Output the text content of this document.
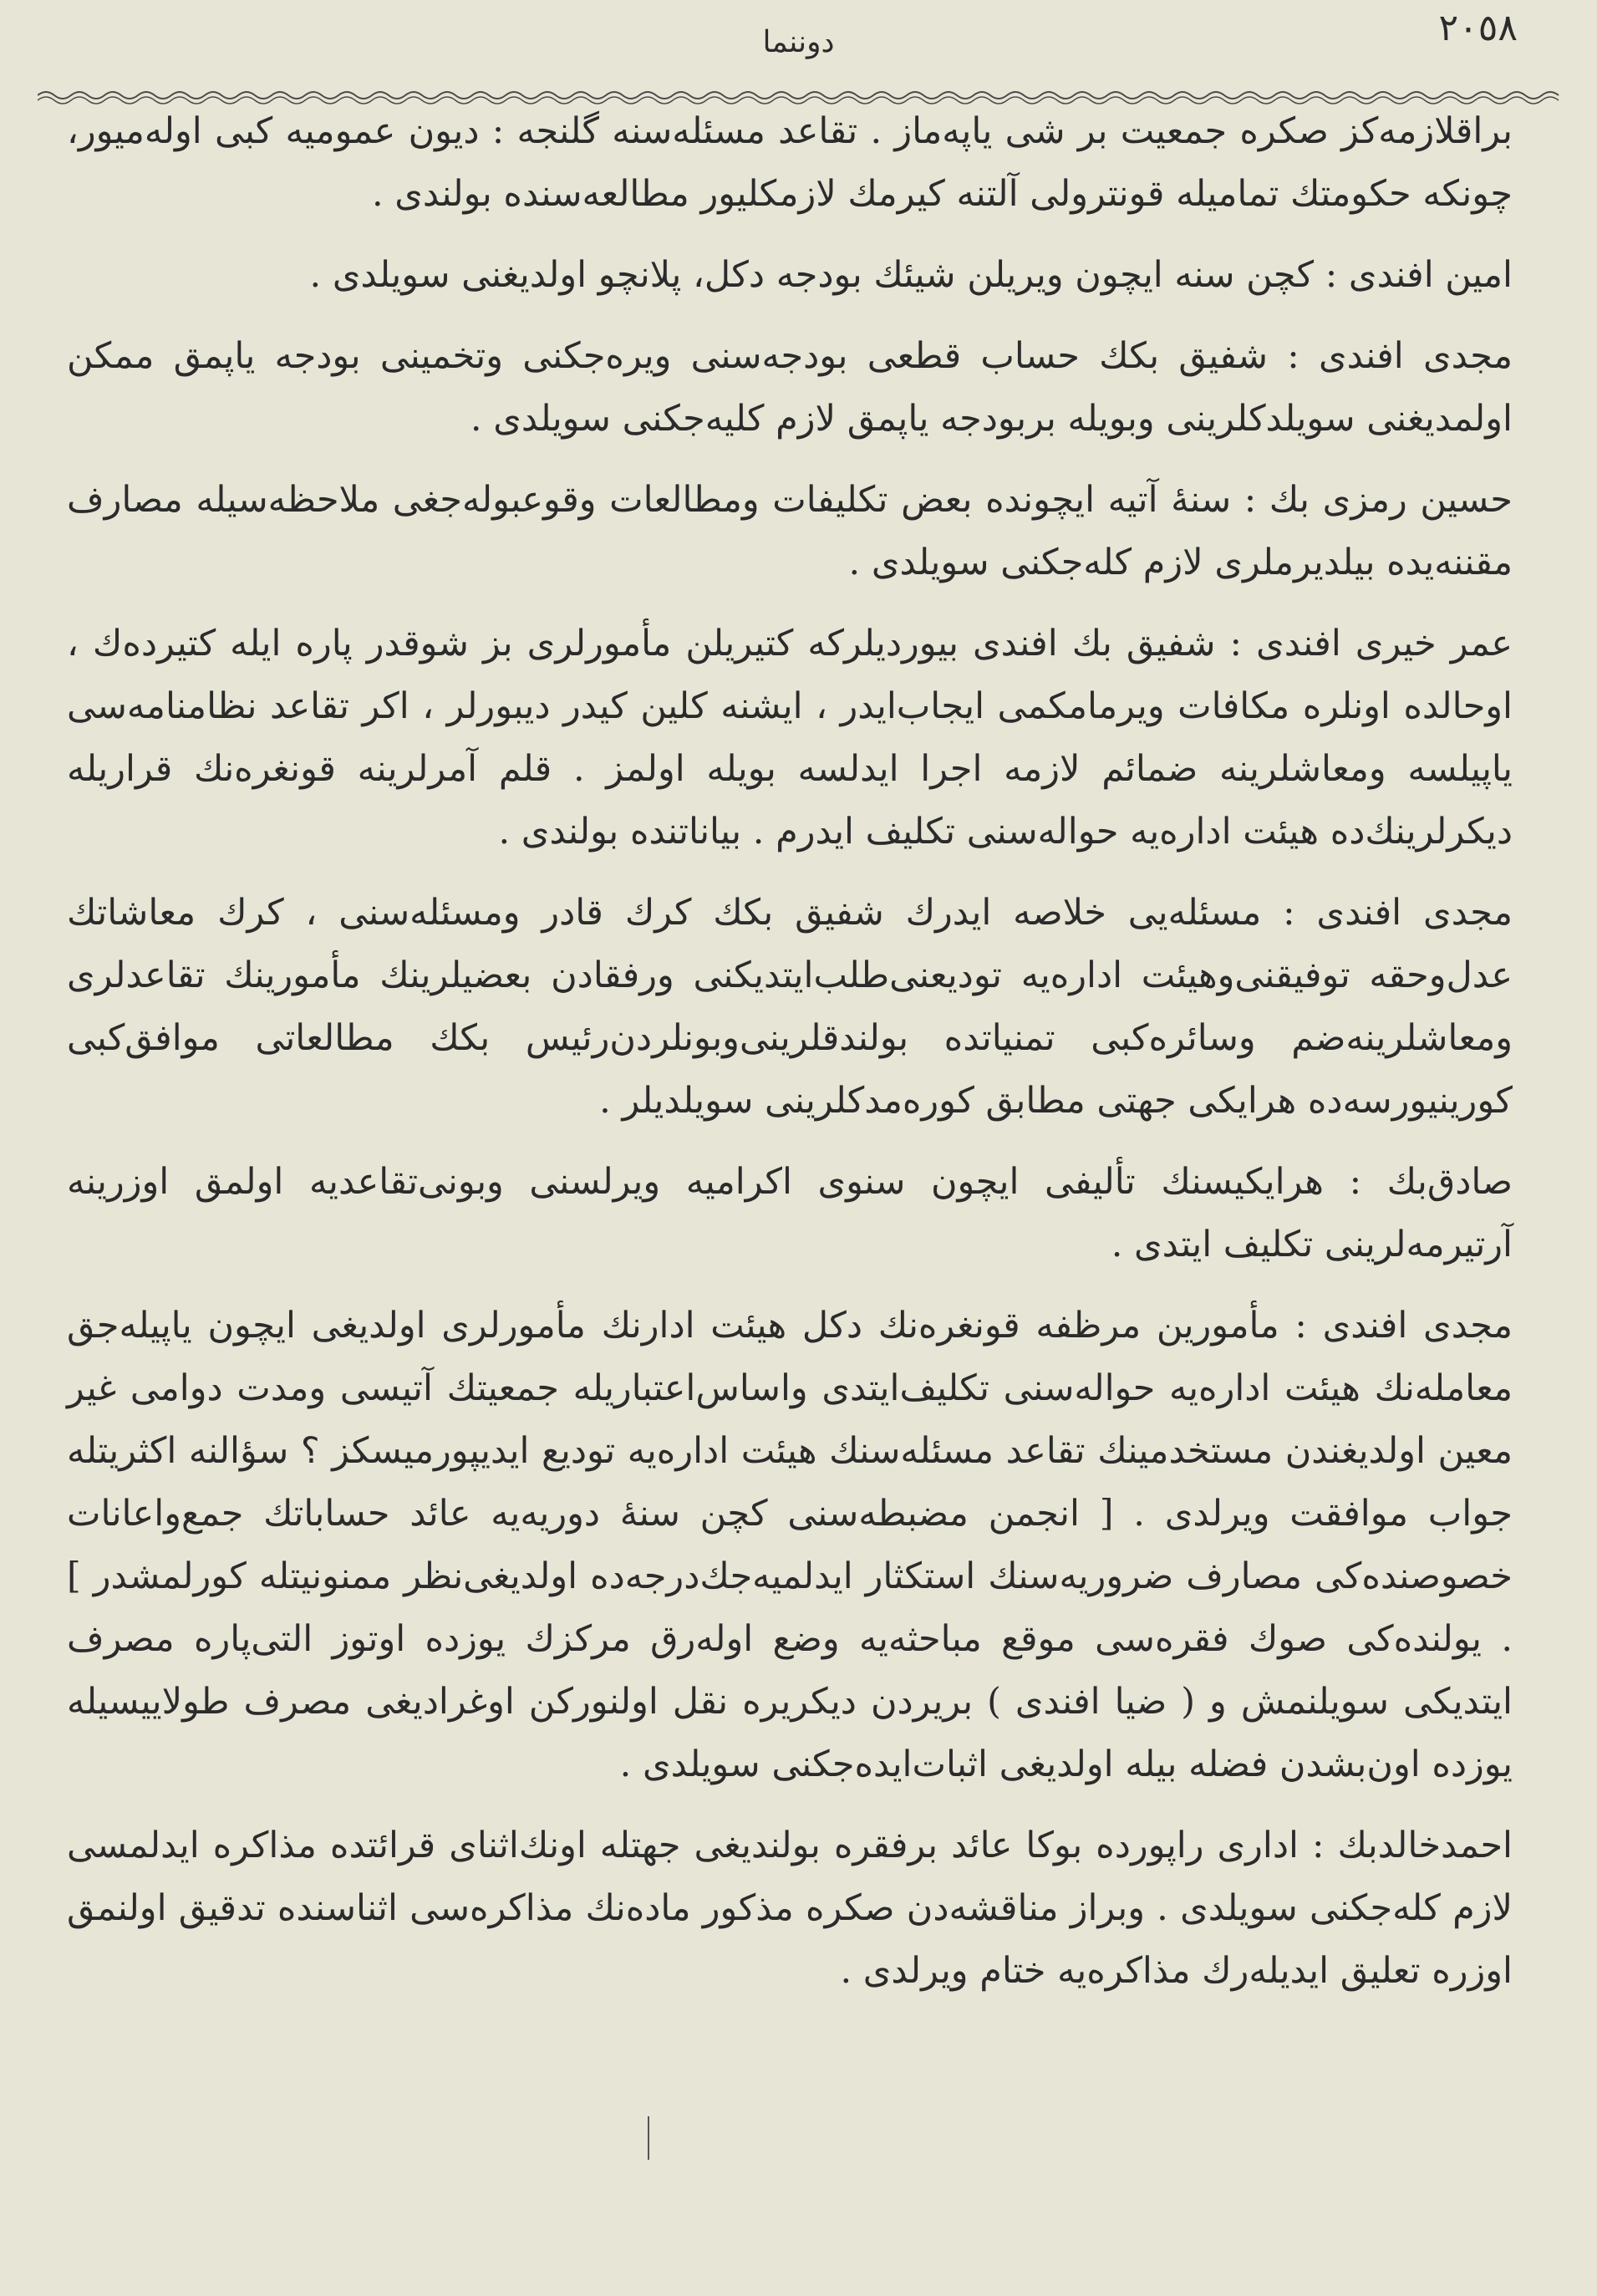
٢٠٥٨
دوننما

براقلازمه‌کز صکره جمعیت بر شی یاپه‌ماز . تقاعد مسئله‌سنه گلنجه : دیون عمومیه کبی اوله‌میور، چونکه حکومتك تماميله قونترولی آلتنه کیرمك لازمکلیور مطالعه‌سنده بولندی .

امین افندی : کچن سنه ایچون ویریلن شیئك بودجه دکل، پلانچو اولدیغنی سویلدی .

مجدی افندی : شفیق بکك حساب قطعی بودجه‌سنی ویره‌جکنی وتخمینی بودجه یاپمق ممکن اولمدیغنی سویلدکلرینی وبویله بربودجه یاپمق لازم کلیه‌جکنی سویلدی .

حسین رمزی بك : سنهٔ آتیه ایچونده بعض تکلیفات ومطالعات وقوعبوله‌جغی ملاحظه‌سیله مصارف مقننه‌یده بیلدیرملری لازم کله‌جکنی سویلدی .

عمر خیری افندی : شفیق بك افندی بیوردیلرکه کتیریلن مأمورلری بز شوقدر پاره ایله کتیرده‌ك ، اوحالده اونلره مکافات ویرمامکمی ایجاب‌ایدر ، ایشنه کلین کیدر دیبورلر ، اکر تقاعد نظامنامه‌سی یاپیلسه ومعاشلرینه ضمائم لازمه اجرا ایدلسه بویله اولمز . قلم آمرلرینه قونغره‌نك قراریله دیکرلرینك‌ده هیئت اداره‌یه حواله‌سنی تکلیف ایدرم . بیاناتنده بولندی .

مجدی افندی : مسئله‌یی خلاصه ایدرك شفیق بکك کرك قادر ومسئله‌سنی ، کرك معاشاتك عدل‌وحقه توفیقنی‌وهیئت اداره‌یه تودیعنی‌طلب‌ایتدیکنی ورفقادن بعضیلرینك مأمورینك تقاعدلری ومعاشلرینه‌ضم وسائره‌کبی تمنیاتده بولندقلرینی‌وبونلردن‌رئیس بکك مطالعاتی موافق‌کبی کورینیورسه‌ده هرایکی جهتی مطابق کوره‌مدکلرینی سویلدیلر .

صادق‌بك : هرایکیسنك تألیفی ایچون سنوی اکرامیه ویرلسنی وبونی‌تقاعدیه اولمق اوزرینه آرتیرمه‌لرینی تکلیف ایتدی .

مجدی افندی : مأمورین مرظفه قونغره‌نك دکل هیئت ادارنك مأمورلری اولدیغی ایچون یاپیله‌جق معامله‌نك هیئت اداره‌یه حواله‌سنی تکلیف‌ایتدی واساس‌اعتباریله جمعیتك آتیسی ومدت دوامی غیر معین اولدیغندن مستخدمینك تقاعد مسئله‌سنك هیئت اداره‌یه تودیع ایدیپورمیسکز ؟ سؤالنه اکثریتله جواب موافقت ویرلدی . [ انجمن مضبطه‌سنی کچن سنهٔ دوریه‌یه عائد حساباتك جمع‌واعانات خصوصنده‌کی مصارف ضروریه‌سنك استکثار ایدلمیه‌جك‌درجه‌ده اولدیغی‌نظر ممنونیتله کورلمشدر ] . یولنده‌کی صوك فقره‌سی موقع مباحثه‌یه وضع اوله‌رق مرکزك یوزده اوتوز التی‌پاره مصرف ایتدیکی سویلنمش و ( ضیا افندی ) بریردن دیکریره نقل اولنورکن اوغرادیغی مصرف طولاییسیله یوزده اون‌بشدن فضله بیله اولدیغی اثبات‌ایده‌جکنی سویلدی .

احمدخالدبك : اداری راپورده بوکا عائد برفقره بولندیغی جهتله اونك‌اثنای قرائتده مذاکره ایدلمسی لازم کله‌جکنی سویلدی . وبراز مناقشه‌دن صکره مذکور ماده‌نك مذاکره‌سی اثناسنده تدقیق اولنمق اوزره تعلیق ایدیله‌رك مذاکره‌یه ختام ویرلدی .
